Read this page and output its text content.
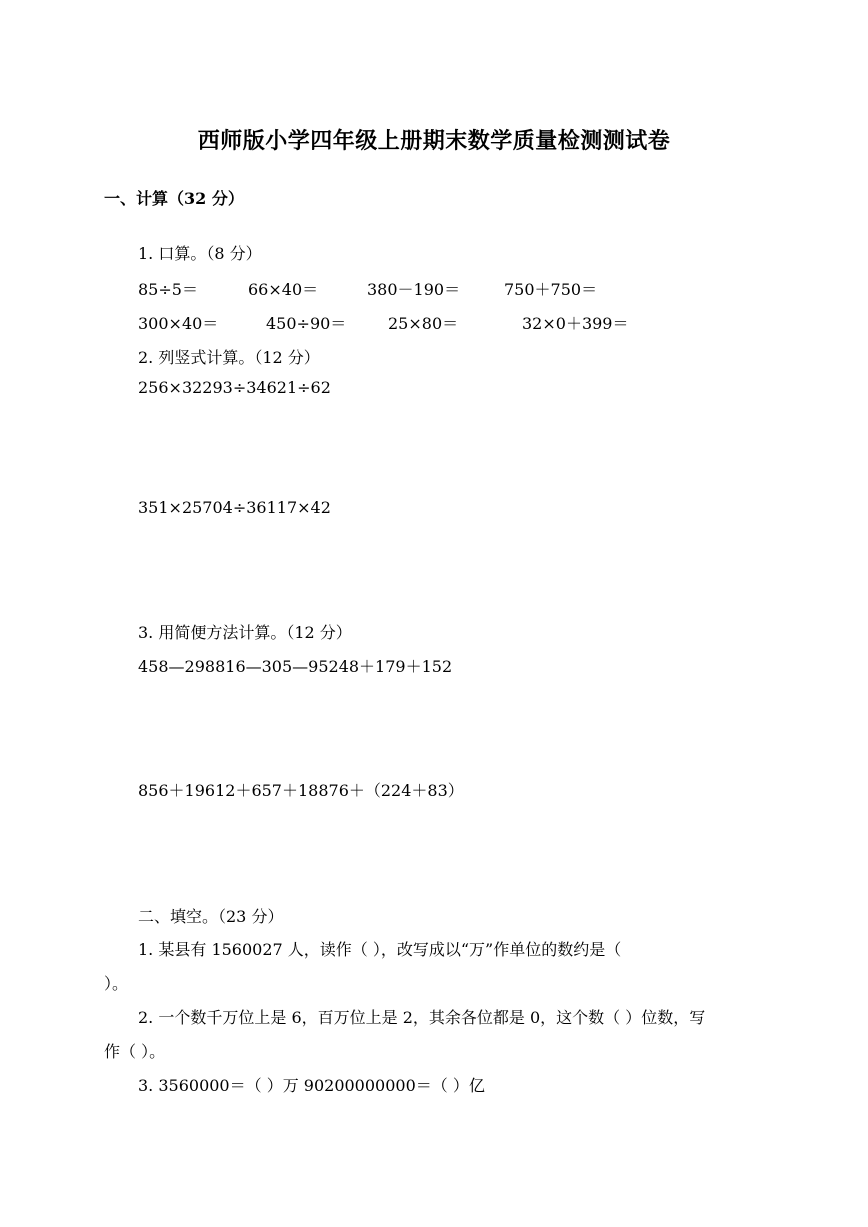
西师版小学四年级上册期末数学质量检测测试卷
一、计算（32 分）
1. 口算。（8 分）
85÷5＝	66×40＝	380－190＝	750＋750＝
300×40＝	450÷90＝	25×80＝	32×0＋399＝
2. 列竖式计算。（12 分）
256×32293÷34621÷62
351×25704÷36117×42
3. 用简便方法计算。（12 分）
458—298816—305—95248＋179＋152
856＋19612＋657＋18876＋（224＋83）
二、填空。（23 分）
1. 某县有 1560027 人，读作（ ），改写成以“万”作单位的数约是（
）。
2. 一个数千万位上是 6，百万位上是 2，其余各位都是 0，这个数（ ）位数，写
作（ ）。
3. 3560000＝（ ）万 90200000000＝（ ）亿
